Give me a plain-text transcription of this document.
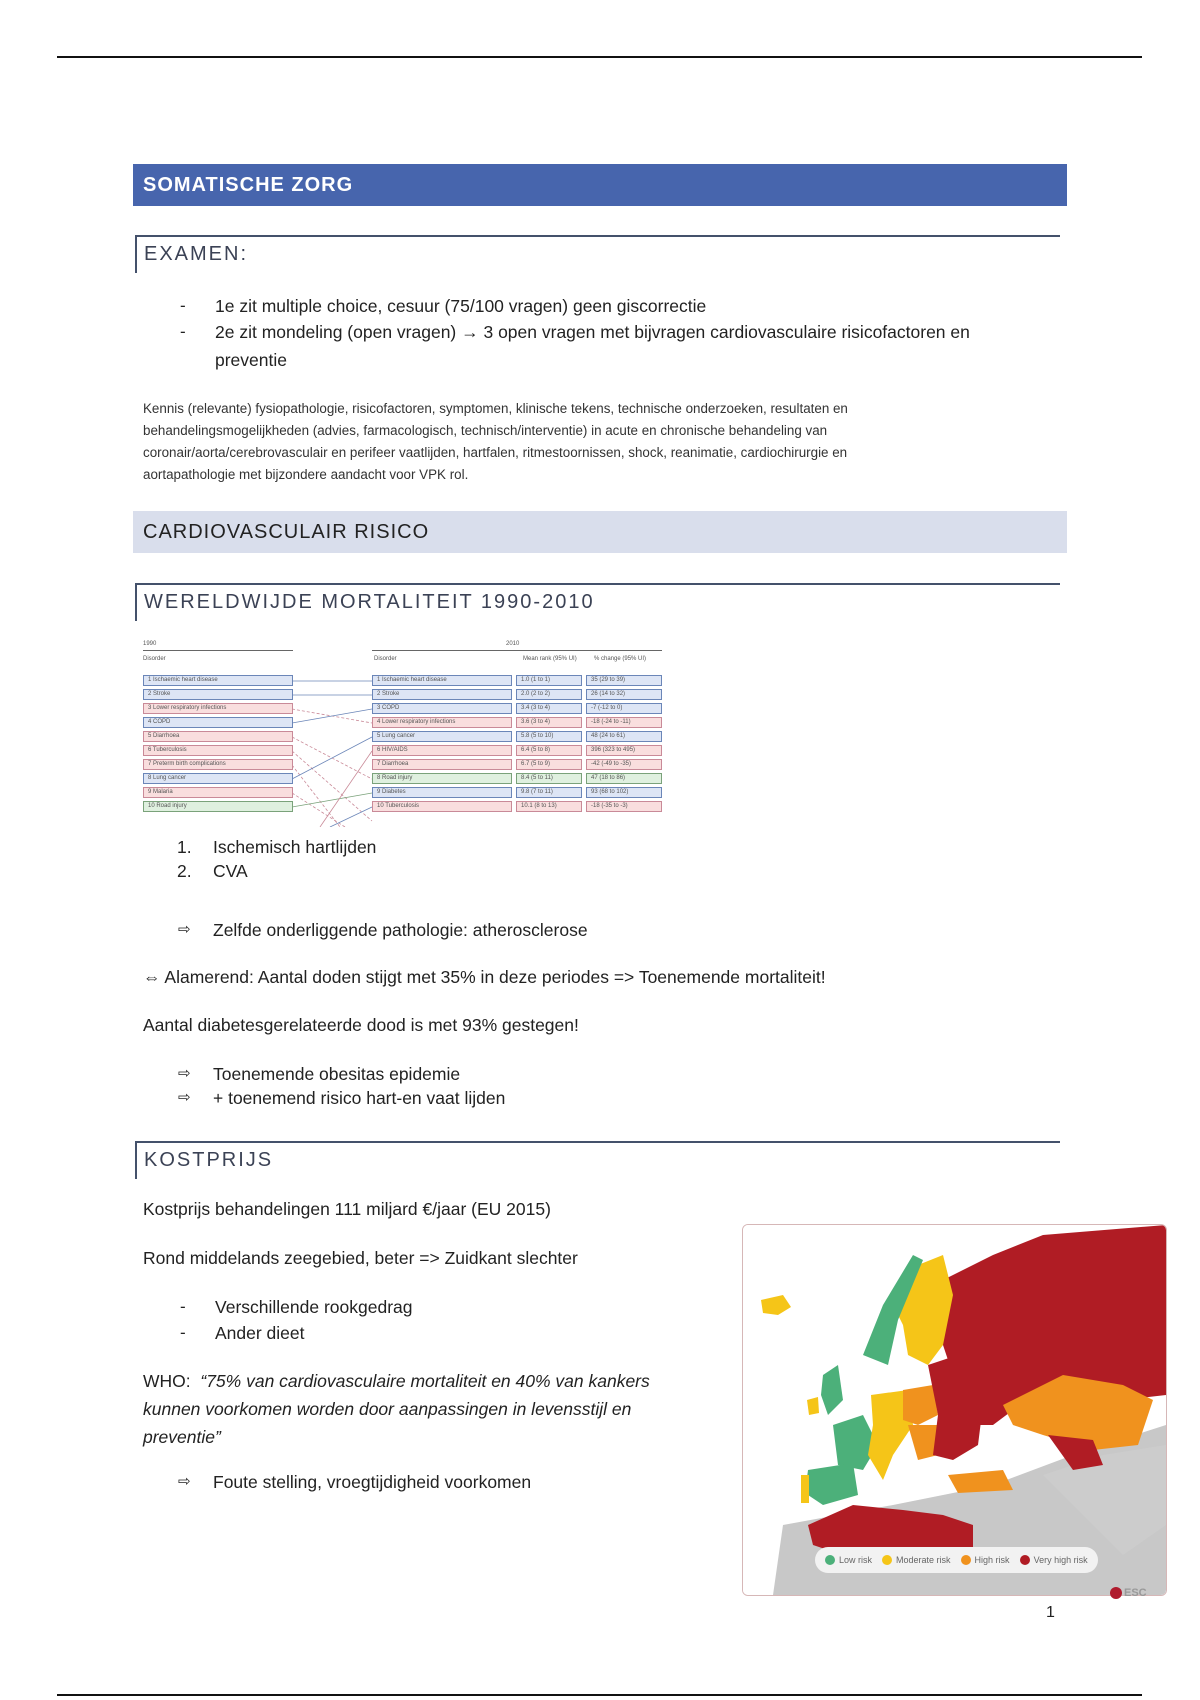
SOMATISCHE ZORG
EXAMEN:
- 1e zit multiple choice, cesuur (75/100 vragen) geen giscorrectie
- 2e zit mondeling (open vragen) → 3 open vragen met bijvragen cardiovasculaire risicofactoren en
preventie
Kennis (relevante) fysiopathologie, risicofactoren, symptomen, klinische tekens, technische onderzoeken, resultaten en
behandelingsmogelijkheden (advies, farmacologisch, technisch/interventie) in acute en chronische behandeling van
coronair/aorta/cerebrovasculair en perifeer vaatlijden, hartfalen, ritmestoornissen, shock, reanimatie, cardiochirurgie en
aortapathologie met bijzondere aandacht voor VPK rol.
CARDIOVASCULAIR RISICO
WERELDWIJDE MORTALITEIT 1990-2010
1990
Disorder
2010
Disorder	Mean rank (95% UI)	% change (95% UI)
1 Ischaemic heart disease
2 Stroke
3 Lower respiratory infections
4 COPD
5 Diarrhoea
6 Tuberculosis
7 Preterm birth complications
8 Lung cancer
9 Malaria
10 Road injury
1 Ischaemic heart disease	1.0 (1 to 1)	35 (29 to 39)
2 Stroke	2.0 (2 to 2)	26 (14 to 32)
3 COPD	3.4 (3 to 4)	-7 (-12 to 0)
4 Lower respiratory infections	3.6 (3 to 4)	-18 (-24 to -11)
5 Lung cancer	5.8 (5 to 10)	48 (24 to 61)
6 HIV/AIDS	6.4 (5 to 8)	396 (323 to 495)
7 Diarrhoea	6.7 (5 to 9)	-42 (-49 to -35)
8 Road injury	8.4 (5 to 11)	47 (18 to 86)
9 Diabetes	9.8 (7 to 11)	93 (68 to 102)
10 Tuberculosis	10.1 (8 to 13)	-18 (-35 to -3)
1. Ischemisch hartlijden
2. CVA
⇨ Zelfde onderliggende pathologie: atherosclerose
⇔ Alamerend: Aantal doden stijgt met 35% in deze periodes => Toenemende mortaliteit!
Aantal diabetesgerelateerde dood is met 93% gestegen!
⇨ Toenemende obesitas epidemie
⇨ + toenemend risico hart-en vaat lijden
KOSTPRIJS
Kostprijs behandelingen 111 miljard €/jaar (EU 2015)
Rond middelands zeegebied, beter => Zuidkant slechter
- Verschillende rookgedrag
- Ander dieet
WHO: “75% van cardiovasculaire mortaliteit en 40% van kankers
kunnen voorkomen worden door aanpassingen in levensstijl en
preventie”
⇨ Foute stelling, vroegtijdigheid voorkomen
Low risk	Moderate risk	High risk	Very high risk
ESC
1
